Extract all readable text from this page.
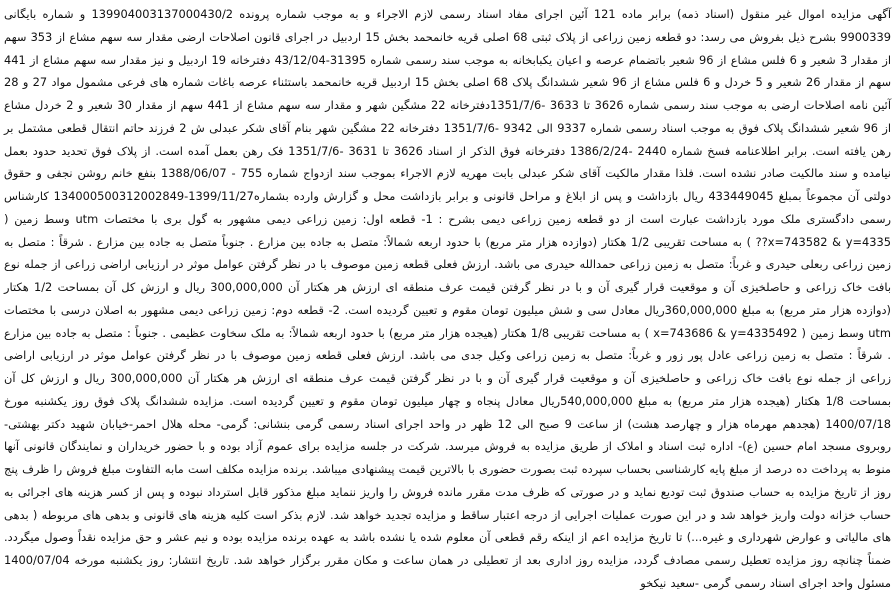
آگهی مزایده اموال غیر منقول (اسناد ذمه) برابر ماده 121 آئین اجرای مفاد اسناد رسمی لازم الاجراء و به موجب شماره پرونده 139904003137000430/2 و شماره بایگانی 9900339 بشرح ذیل بفروش می رسد: دو قطعه زمین زراعی از پلاک ثبتی 68 اصلی قریه خانمحمد بخش 15 اردبیل در اجرای قانون اصلاحات ارضی مقدار سه سهم مشاع از 353 سهم از مقدار 3 شعیر و 6 فلس مشاع از 96 شعیر باتضمام عرصه و اعیان یکبابخانه به موجب سند رسمی شماره 31395-43/12/04 دفترخانه 19 اردبیل و نیز مقدار سه سهم مشاع از 441 سهم از مقدار 26 شعیر و 5 خردل و 6 فلس مشاع از 96 شعیر ششدانگ پلاک 68 اصلی بخش 15 اردبیل قریه خانمحمد باستثناء عرصه باغات شماره های فرعی مشمول مواد 27 و 28 آئین نامه اصلاحات ارضی به موجب سند رسمی شماره 3626 تا 3633 -1351/7/6دفترخانه 22 مشگین شهر و مقدار سه سهم مشاع از 441 سهم از مقدار 30 شعیر و 2 خردل مشاع از 96 شعیر ششدانگ پلاک فوق به موجب اسناد رسمی شماره 9337 الی 9342 -1351/7/6 دفترخانه 22 مشگین شهر بنام آقای شکر عبدلی ش 2 فرزند حاتم انتقال قطعی مشتمل بر رهن یافته است. برابر اطلاعنامه فسخ شماره 2440 -1386/2/24 دفترخانه فوق الذکر از اسناد 3626 تا 3631 -1351/7/6 فک رهن بعمل آمده است. از پلاک فوق تحدید حدود بعمل نیامده و سند مالکیت صادر نشده است. فلذا مقدار مالکیت آقای شکر عبدلی بابت مهریه لازم الاجراء بموجب سند ازدواج شماره 755 - 1388/06/07 بنفع خانم روشن نجفی و حقوق دولتی آن مجموعاً بمبلغ 433449045 ریال بازداشت و پس از ابلاغ و مراحل قانونی و برابر بازداشت محل و گزارش وارده بشماره1399/11/27-134000500312002849 کارشناس رسمی دادگستری ملک مورد بازداشت عبارت است از دو قطعه زمین زراعی دیمی بشرح : 1- قطعه اول: زمین زراعی دیمی مشهور به گول بری با مختصات utm وسط زمین ( x=743582 & y=4335?? ) به مساحت تقریبی 1/2 هکتار (دوازده هزار متر مربع) با حدود اربعه شمالاً: متصل به جاده بین مزارع . جنوباً متصل به جاده بین مزارع . شرقاً : متصل به زمین زراعی ربعلی حیدری و غرباً: متصل به زمین زراعی حمدالله حیدری می باشد. ارزش فعلی قطعه زمین موصوف با در نظر گرفتن عوامل موثر در ارزیابی اراضی زراعی از جمله نوع بافت خاک زراعی و حاصلخیزی آن و موقعیت قرار گیری آن و با در نظر گرفتن قیمت عرف منطقه ای ارزش هر هکتار آن 300,000,000 ریال و ارزش کل آن بمساحت 1/2 هکتار (دوازده هزار متر مربع) به مبلغ 360,000,000ریال معادل سی و شش میلیون تومان مقوم و تعیین گردیده است. 2- قطعه دوم: زمین زراعی دیمی مشهور به اصلان درسی با مختصات utm وسط زمین ( x=743686 & y=4335492 ) به مساحت تقریبی 1/8 هکتار (هیجده هزار متر مربع) با حدود اربعه شمالاً: به ملک سخاوت عظیمی . جنوباً : متصل به جاده بین مزارع . شرقاً : متصل به زمین زراعی عادل پور زور و غرباً: متصل به زمین زراعی وکیل جدی می باشد. ارزش فعلی قطعه زمین موصوف با در نظر گرفتن عوامل موثر در ارزیابی اراضی زراعی از جمله نوع بافت خاک زراعی و حاصلخیزی آن و موقعیت قرار گیری آن و با در نظر گرفتن قیمت عرف منطقه ای ارزش هر هکتار آن 300,000,000 ریال و ارزش کل آن بمساحت 1/8 هکتار (هیجده هزار متر مربع) به مبلغ 540,000,000ریال معادل پنجاه و چهار میلیون تومان مقوم و تعیین گردیده است. مزایده ششدانگ پلاک فوق روز یکشنبه مورخ 1400/07/18 (هجدهم مهرماه هزار و چهارصد هشت) از ساعت 9 صبح الی 12 ظهر در واحد اجرای اسناد رسمی گرمی بنشانی: گرمی- محله هلال احمر-خیابان شهید دکتر بهشتی-روبروی مسجد امام حسین (ع)- اداره ثبت اسناد و املاک از طریق مزایده به فروش میرسد. شرکت در جلسه مزایده برای عموم آزاد بوده و با حضور خریداران و نمایندگان قانونی آنها منوط به پرداخت ده درصد از مبلغ پایه کارشناسی بحساب سپرده ثبت بصورت حضوری با بالاترین قیمت پیشنهادی میباشد. برنده مزایده مکلف است مابه التفاوت مبلغ فروش را ظرف پنج روز از تاریخ مزایده به حساب صندوق ثبت تودیع نماید و در صورتی که ظرف مدت مقرر مانده فروش را واریز ننماید مبلغ مذکور قابل استرداد نبوده و پس از کسر هزینه های اجرائی به حساب خزانه دولت واریز خواهد شد و در این صورت عملیات اجرایی از درجه اعتبار ساقط و مزایده تجدید خواهد شد. لازم بذکر است کلیه هزینه های قانونی و بدهی های مربوطه ( بدهی های مالیاتی و عوارض شهرداری و غیره...) تا تاریخ مزایده اعم از اینکه رقم قطعی آن معلوم شده یا نشده باشد به عهده برنده مزایده بوده و نیم عشر و حق مزایده نقداً وصول میگردد. ضمناً چنانچه روز مزایده تعطیل رسمی مصادف گردد، مزایده روز اداری بعد از تعطیلی در همان ساعت و مکان مقرر برگزار خواهد شد. تاریخ انتشار: روز یکشنبه مورخه 1400/07/04 مسئول واحد اجرای اسناد رسمی گرمی -سعید نیکخو
